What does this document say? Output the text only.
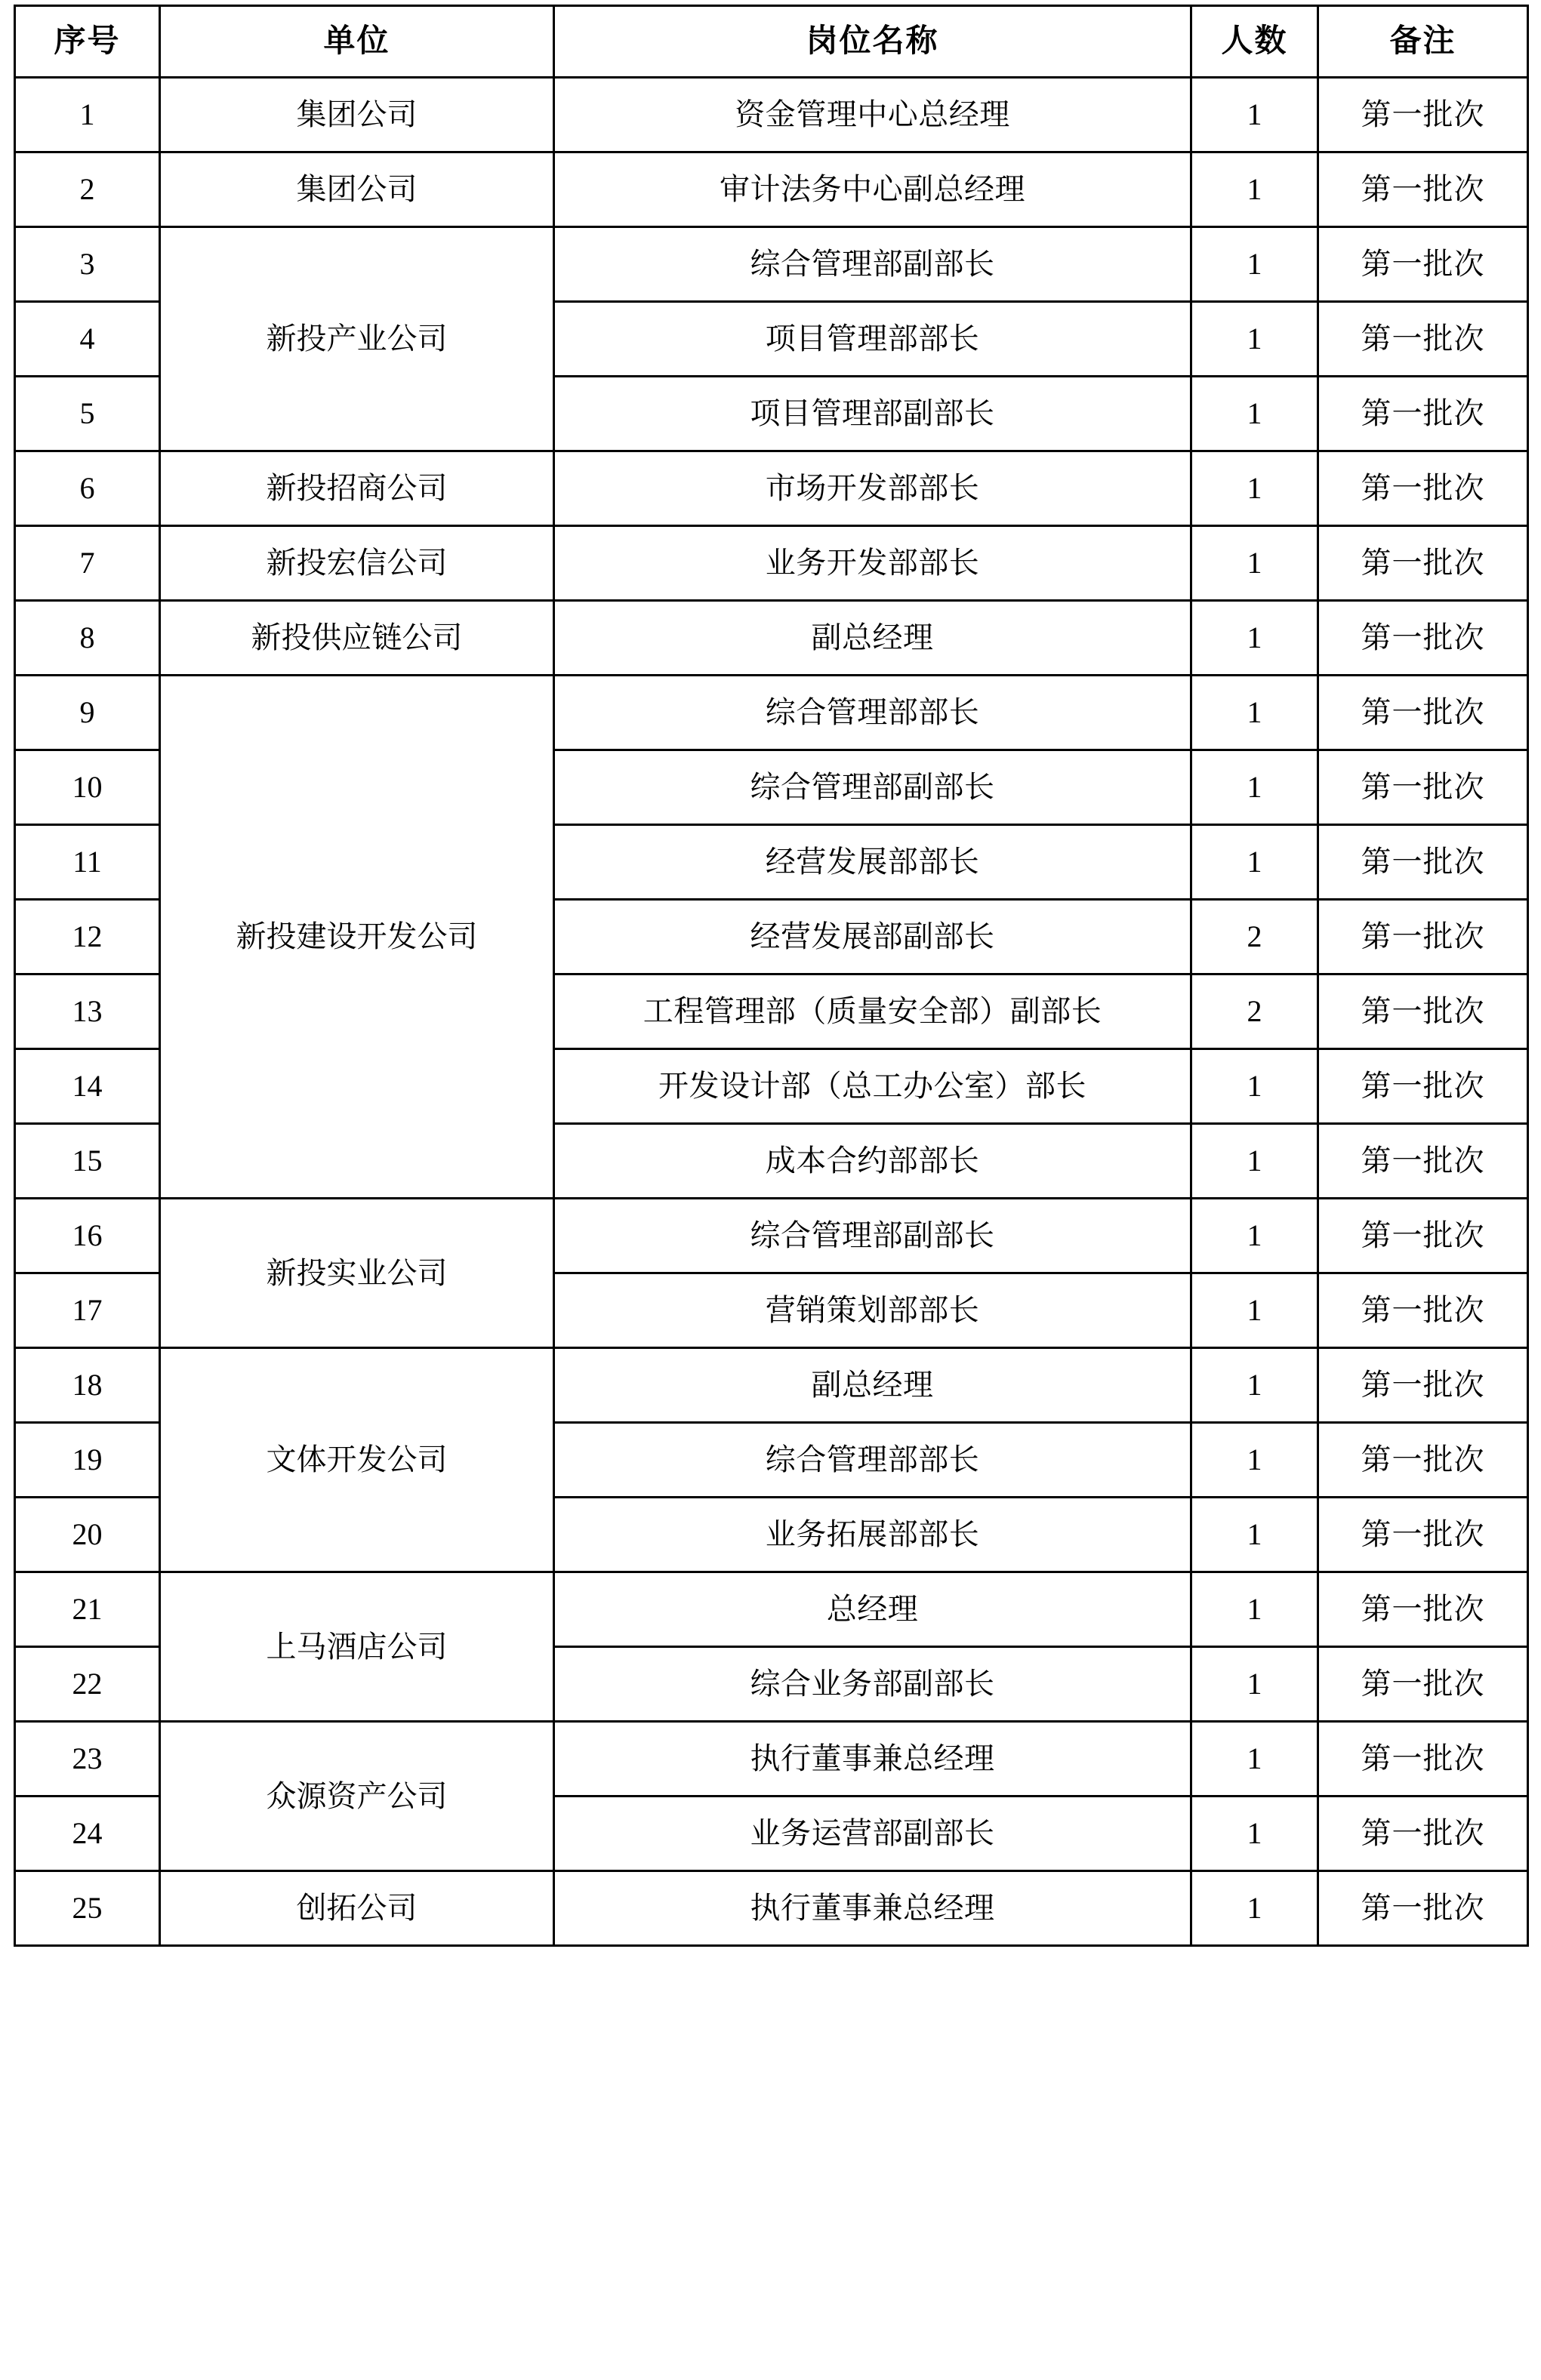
序号	单位	岗位名称	人数	备注
1	集团公司	资金管理中心总经理	1	第一批次
2	集团公司	审计法务中心副总经理	1	第一批次
3	新投产业公司	综合管理部副部长	1	第一批次
4		项目管理部部长	1	第一批次
5		项目管理部副部长	1	第一批次
6	新投招商公司	市场开发部部长	1	第一批次
7	新投宏信公司	业务开发部部长	1	第一批次
8	新投供应链公司	副总经理	1	第一批次
9	新投建设开发公司	综合管理部部长	1	第一批次
10		综合管理部副部长	1	第一批次
11		经营发展部部长	1	第一批次
12		经营发展部副部长	2	第一批次
13		工程管理部（质量安全部）副部长	2	第一批次
14		开发设计部（总工办公室）部长	1	第一批次
15		成本合约部部长	1	第一批次
16	新投实业公司	综合管理部副部长	1	第一批次
17		营销策划部部长	1	第一批次
18	文体开发公司	副总经理	1	第一批次
19		综合管理部部长	1	第一批次
20		业务拓展部部长	1	第一批次
21	上马酒店公司	总经理	1	第一批次
22		综合业务部副部长	1	第一批次
23	众源资产公司	执行董事兼总经理	1	第一批次
24		业务运营部副部长	1	第一批次
25	创拓公司	执行董事兼总经理	1	第一批次
